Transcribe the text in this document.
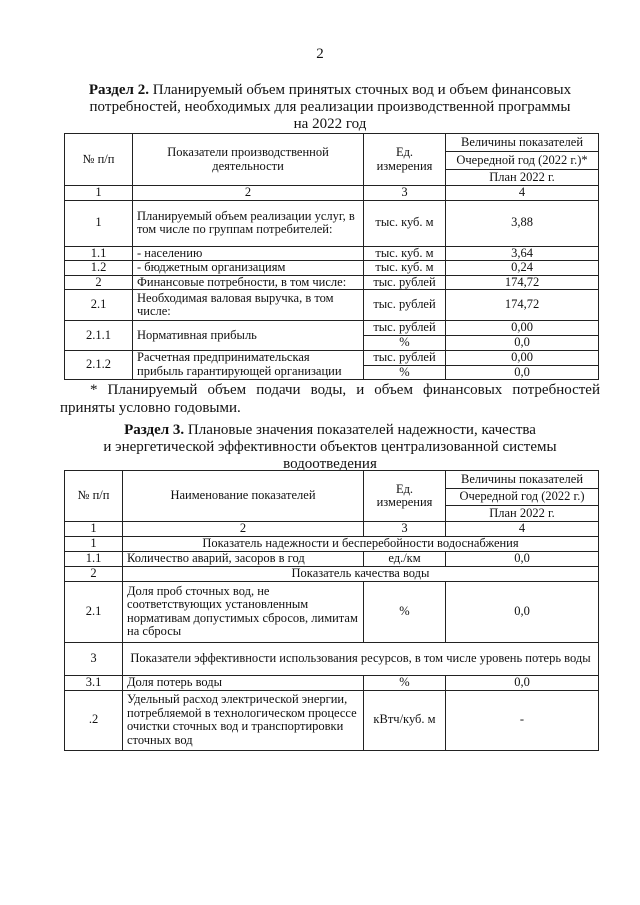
2
Раздел 2. Планируемый объем принятых сточных вод и объем финансовых
потребностей, необходимых для реализации производственной программы
на 2022 год
№ п/п	Показатели производственной деятельности	Ед. измерения	Величины показателей
			Очередной год (2022 г.)*
			План 2022 г.
1	2	3	4
1	Планируемый объем реализации услуг, в том числе по группам потребителей:	тыс. куб. м	3,88
1.1	- населению	тыс. куб. м	3,64
1.2	- бюджетным организациям	тыс. куб. м	0,24
2	Финансовые потребности, в том числе:	тыс. рублей	174,72
2.1	Необходимая валовая выручка, в том числе:	тыс. рублей	174,72
2.1.1	Нормативная прибыль	тыс. рублей	0,00
		%	0,0
2.1.2	Расчетная предпринимательская прибыль гарантирующей организации	тыс. рублей	0,00
		%	0,0
* Планируемый объем подачи воды, и объем финансовых потребностей приняты условно годовыми.
Раздел 3. Плановые значения показателей надежности, качества
и энергетической эффективности объектов централизованной системы
водоотведения
№ п/п	Наименование показателей	Ед. измерения	Величины показателей
			Очередной год (2022 г.)
			План 2022 г.
1	2	3	4
1	Показатель надежности и бесперебойности водоснабжения		
1.1	Количество аварий, засоров в год	ед./км	0,0
2	Показатель качества воды		
2.1	Доля проб сточных вод, не соответствующих установленным нормативам допустимых сбросов, лимитам на сбросы	%	0,0
3	Показатели эффективности использования ресурсов, в том числе уровень потерь воды		
3.1	Доля потерь воды	%	0,0
.2	Удельный расход электрической энергии, потребляемой в технологическом процессе очистки сточных вод и транспортировки сточных вод	кВтч/куб. м	-
